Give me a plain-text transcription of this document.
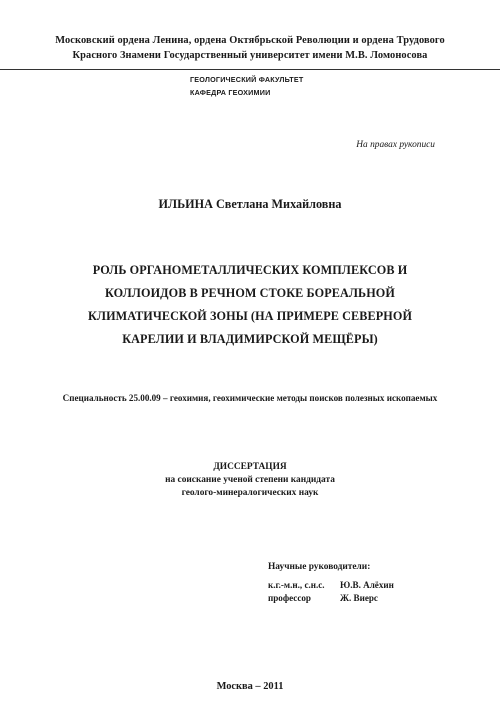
Московский ордена Ленина, ордена Октябрьской Революции и ордена Трудового
Красного Знамени Государственный университет имени М.В. Ломоносова
ГЕОЛОГИЧЕСКИЙ ФАКУЛЬТЕТ
КАФЕДРА ГЕОХИМИИ
На правах рукописи
ИЛЬИНА Светлана Михайловна
РОЛЬ ОРГАНОМЕТАЛЛИЧЕСКИХ КОМПЛЕКСОВ И
КОЛЛОИДОВ В РЕЧНОМ СТОКЕ БОРЕАЛЬНОЙ
КЛИМАТИЧЕСКОЙ ЗОНЫ (НА ПРИМЕРЕ СЕВЕРНОЙ
КАРЕЛИИ И ВЛАДИМИРСКОЙ МЕЩЁРЫ)
Специальность 25.00.09 – геохимия, геохимические методы поисков полезных ископаемых
ДИССЕРТАЦИЯ
на соискание ученой степени кандидата
геолого-минералогических наук
Научные руководители:
к.г.-м.н., с.н.с. Ю.В. Алёхин
профессор	Ж. Виерс
Москва – 2011
